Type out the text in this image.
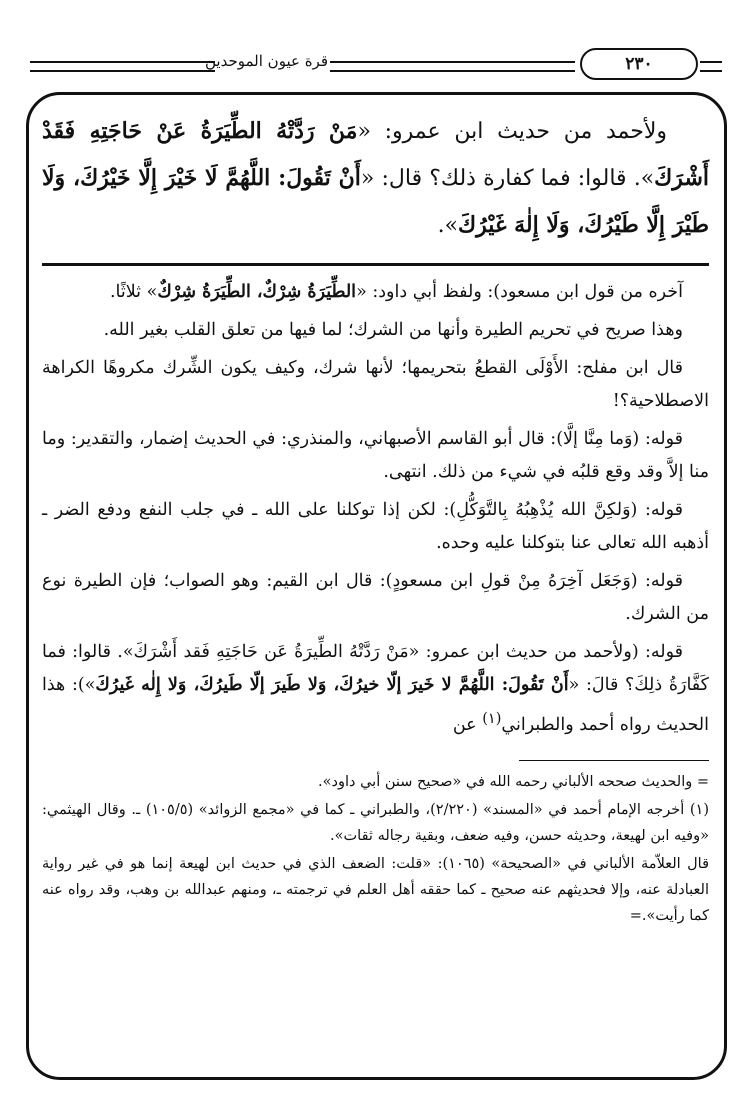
قرة عيون الموحدين	٢٣٠

ولأحمد من حديث ابن عمرو: «مَنْ رَدَّتْهُ الطِّيَرَةُ عَنْ حَاجَتِهِ فَقَدْ أَشْرَكَ». قالوا: فما كفارة ذلك؟ قال: «أَنْ تَقُولَ: اللَّهُمَّ لَا خَيْرَ إِلَّا خَيْرُكَ، وَلَا طَيْرَ إِلَّا طَيْرُكَ، وَلَا إِلٰهَ غَيْرُكَ».

آخره من قول ابن مسعود): ولفظ أبي داود: «الطِّيَرَةُ شِرْكٌ، الطِّيَرَةُ شِرْكٌ» ثلاثًا.

وهذا صريح في تحريم الطيرة وأنها من الشرك؛ لما فيها من تعلق القلب بغير الله.

قال ابن مفلح: الأَوْلَى القطعُ بتحريمها؛ لأنها شرك، وكيف يكون الشِّرك مكروهًا الكراهة الاصطلاحية؟!

قوله: (وَما مِنَّا إلَّا): قال أبو القاسم الأصبهاني، والمنذري: في الحديث إضمار، والتقدير: وما منا إلاَّ وقد وقع قلبُه في شيء من ذلك. انتهى.

قوله: (وَلكِنَّ الله يُذْهِبُهُ بِالتَّوَكُّلِ): لكن إذا توكلنا على الله ـ في جلب النفع ودفع الضر ـ أذهبه الله تعالى عنا بتوكلنا عليه وحده.

قوله: (وَجَعَل آخِرَهُ مِنْ قولِ ابن مسعودٍ): قال ابن القيم: وهو الصواب؛ فإن الطيرة نوع من الشرك.

قوله: (ولأحمد من حديث ابن عمرو: «مَنْ رَدَّتْهُ الطِّيرَةُ عَن حَاجَتِهِ فَقد أَشْرَكَ». قالوا: فما كَفَّارَةُ ذلِكَ؟ قالَ: «أَنْ تَقُولَ: اللَّهُمَّ لا خَيرَ إلّا خيرُكَ، وَلا طَيرَ إلّا طَيرُكَ، وَلا إِلٰه غَيرُكَ»): هذا الحديث رواه أحمد والطبراني$^{(١)}$ عن

= والحديث صححه الألباني رحمه الله في «صحيح سنن أبي داود».

(١) أخرجه الإمام أحمد في «المسند» (٢/٢٢٠)، والطبراني ـ كما في «مجمع الزوائد» (١٠٥/٥) ـ. وقال الهيثمي: «وفيه ابن لهيعة، وحديثه حسن، وفيه ضعف، وبقية رجاله ثقات».

قال العلاّمة الألباني في «الصحيحة» (١٠٦٥): «قلت: الضعف الذي في حديث ابن لهيعة إنما هو في غير رواية العبادلة عنه، وإلا فحديثهم عنه صحيح ـ كما حققه أهل العلم في ترجمته ـ، ومنهم عبدالله بن وهب، وقد رواه عنه كما رأيت».=
